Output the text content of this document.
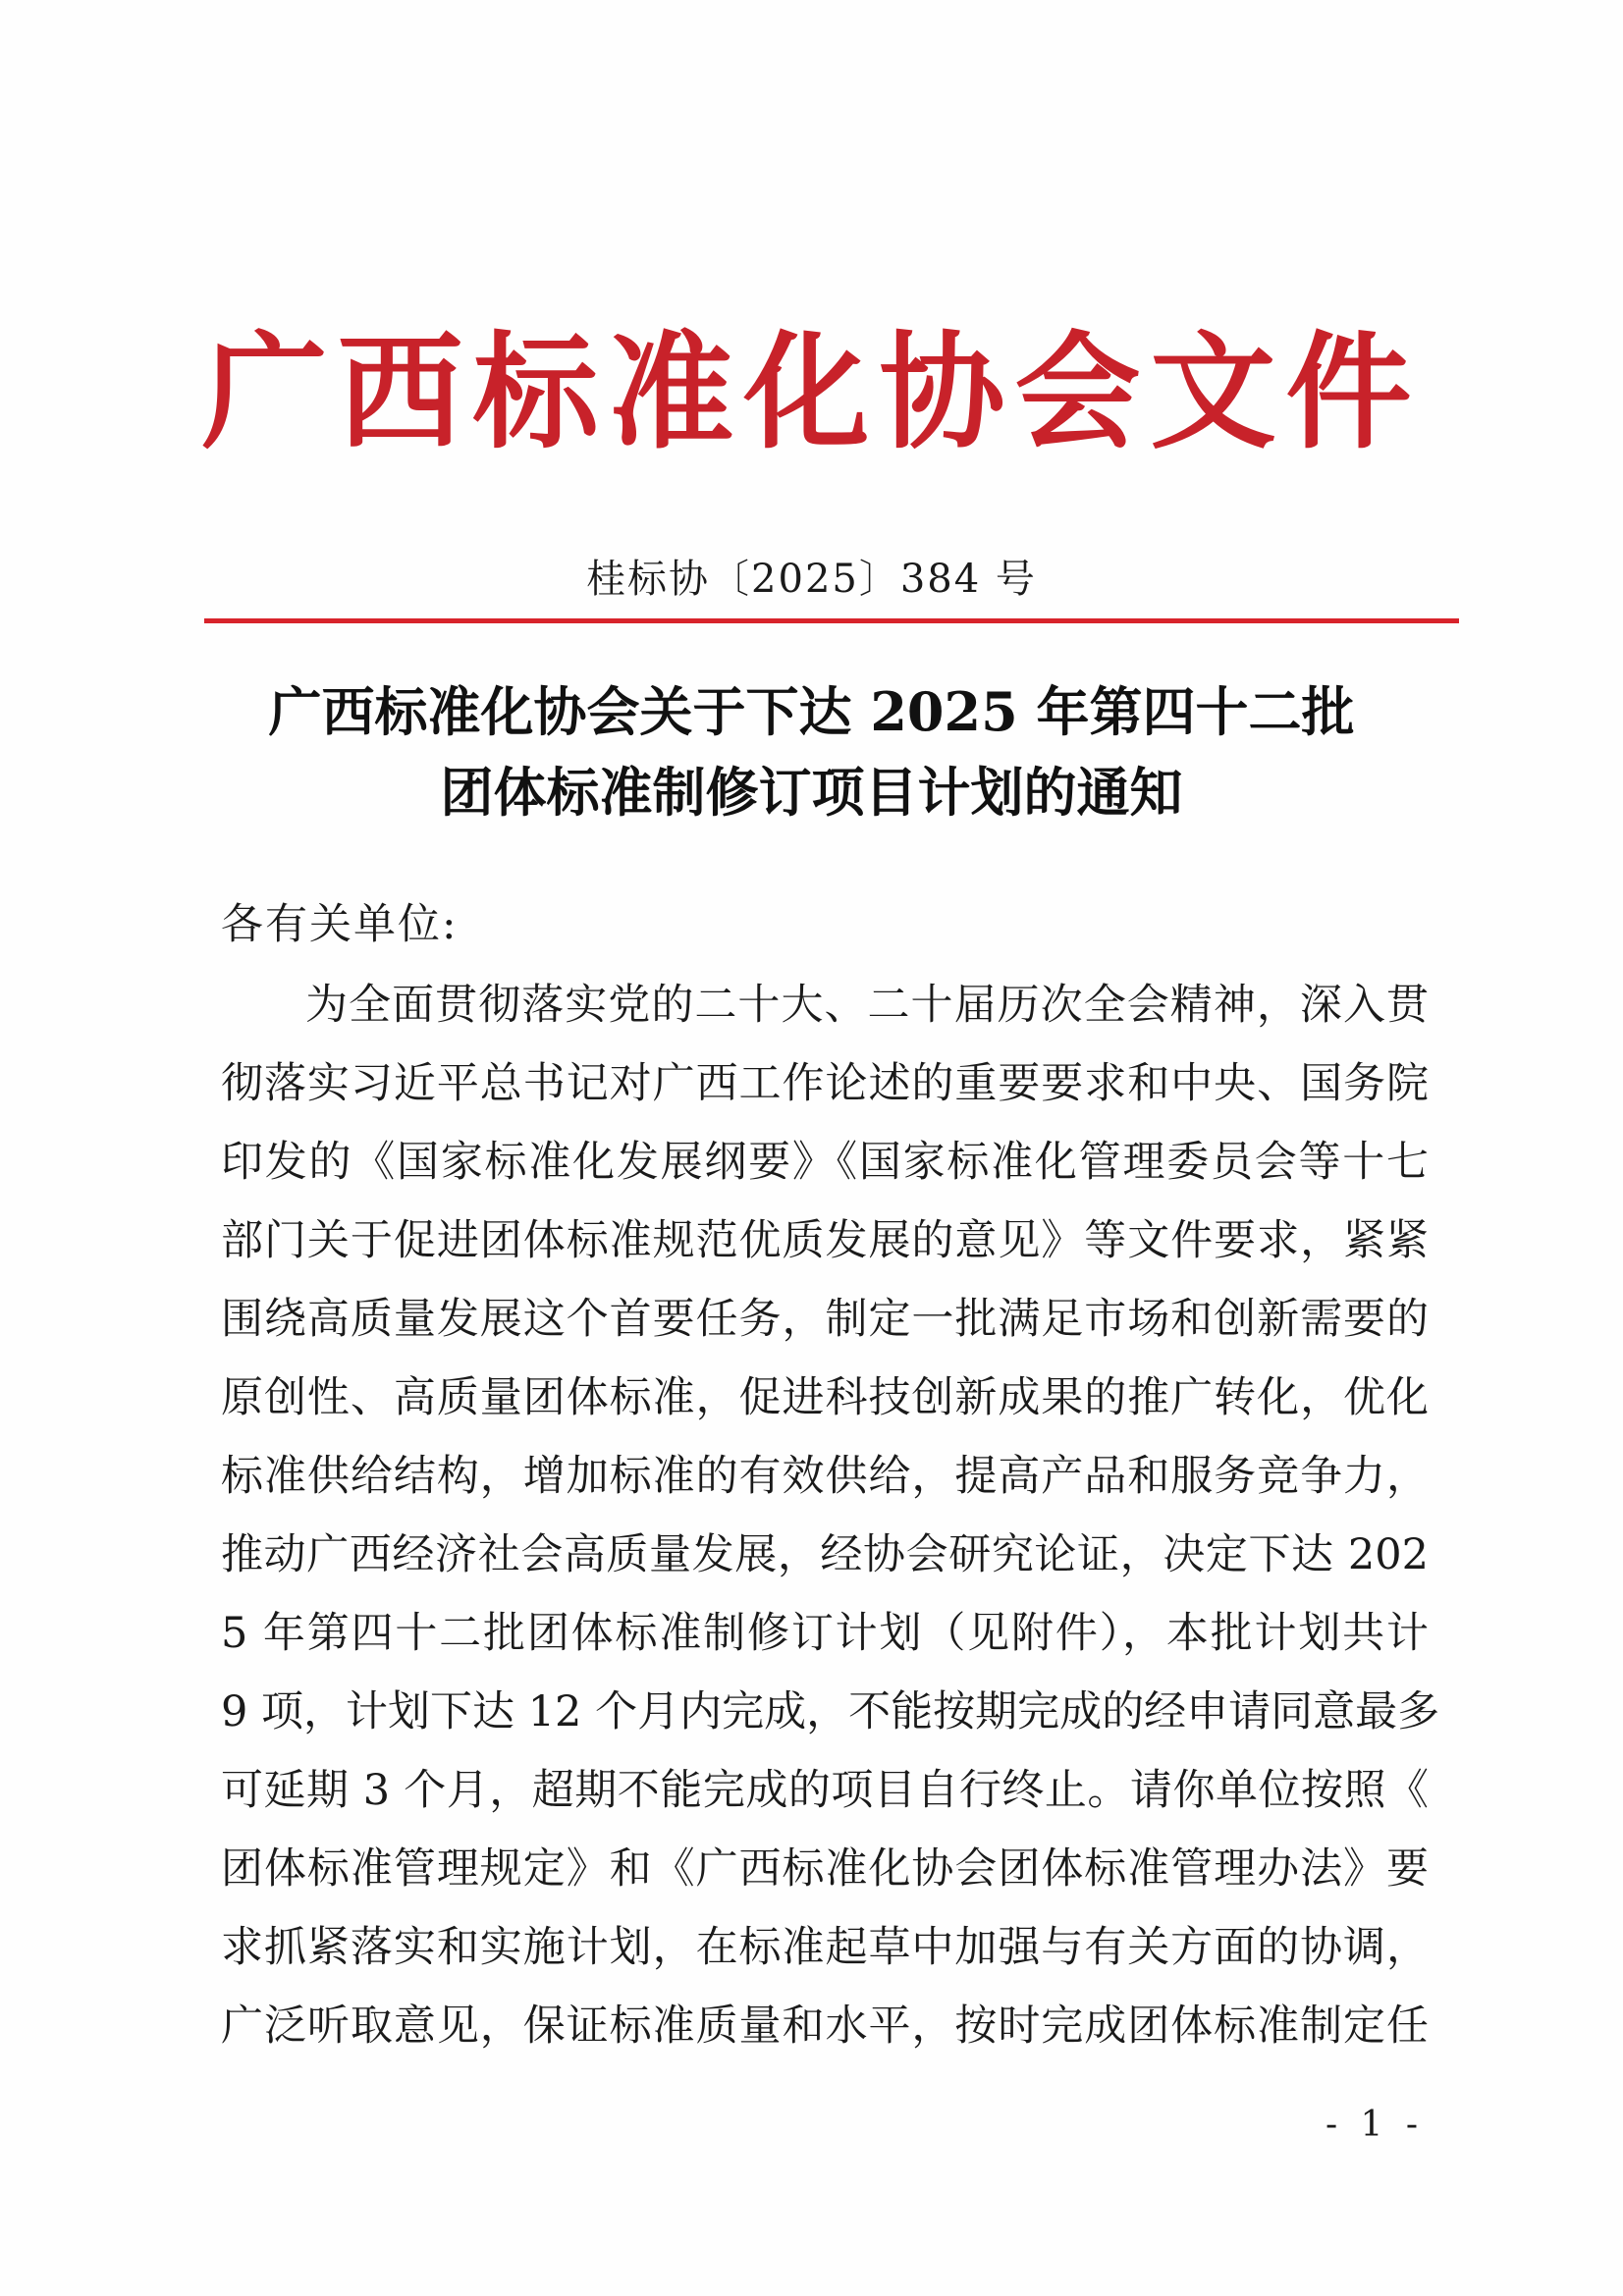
广西标准化协会文件
桂标协〔2025〕384 号
广西标准化协会关于下达 2025 年第四十二批
团体标准制修订项目计划的通知
各有关单位:
为全面贯彻落实党的二十大、二十届历次全会精神，深入贯
彻落实习近平总书记对广西工作论述的重要要求和中央、国务院
印发的《国家标准化发展纲要》《国家标准化管理委员会等十七
部门关于促进团体标准规范优质发展的意见》等文件要求，紧紧
围绕高质量发展这个首要任务，制定一批满足市场和创新需要的
原创性、高质量团体标准，促进科技创新成果的推广转化，优化
标准供给结构，增加标准的有效供给，提高产品和服务竞争力，
推动广西经济社会高质量发展，经协会研究论证，决定下达 202
5 年第四十二批团体标准制修订计划（见附件），本批计划共计
9 项，计划下达 12 个月内完成，不能按期完成的经申请同意最多
可延期 3 个月，超期不能完成的项目自行终止。请你单位按照《
团体标准管理规定》和《广西标准化协会团体标准管理办法》要
求抓紧落实和实施计划，在标准起草中加强与有关方面的协调，
广泛听取意见，保证标准质量和水平，按时完成团体标准制定任
- 1 -
